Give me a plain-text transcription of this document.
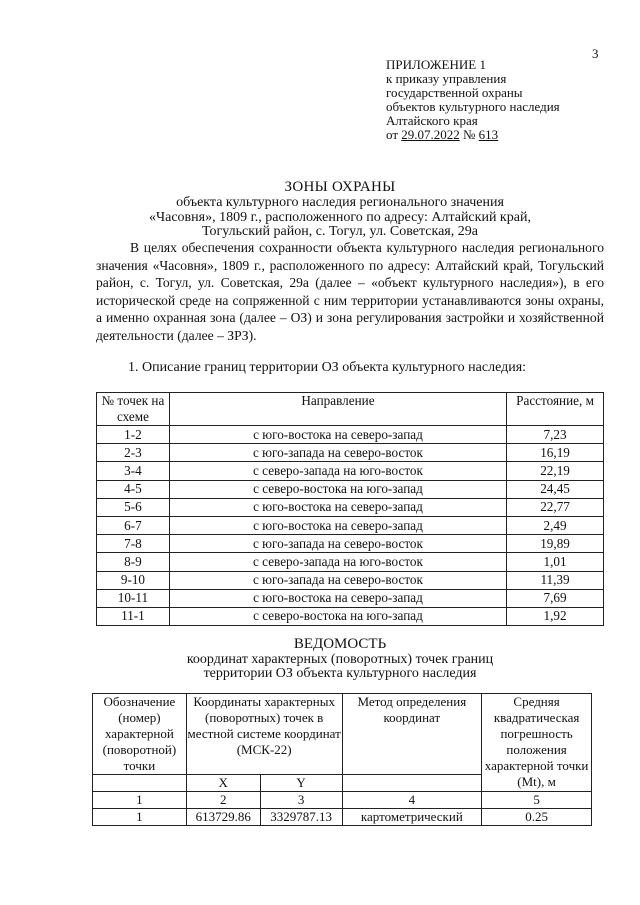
3
ПРИЛОЖЕНИЕ 1
к приказу управления
государственной охраны
объектов культурного наследия
Алтайского края
от 29.07.2022 № 613
ЗОНЫ ОХРАНЫ
объекта культурного наследия регионального значения
«Часовня», 1809 г., расположенного по адресу: Алтайский край,
Тогульский район, с. Тогул, ул. Советская, 29а

В целях обеспечения сохранности объекта культурного наследия регионального значения «Часовня», 1809 г., расположенного по адресу: Алтайский край, Тогульский район, с. Тогул, ул. Советская, 29а (далее – «объект культурного наследия»), в его исторической среде на сопряженной с ним территории устанавливаются зоны охраны, а именно охранная зона (далее – ОЗ) и зона регулирования застройки и хозяйственной деятельности (далее – ЗРЗ).

1. Описание границ территории ОЗ объекта культурного наследия:
№ точек на схеме	Направление	Расстояние, м
1-2	с юго-востока на северо-запад	7,23
2-3	с юго-запада на северо-восток	16,19
3-4	с северо-запада на юго-восток	22,19
4-5	с северо-востока на юго-запад	24,45
5-6	с юго-востока на северо-запад	22,77
6-7	с юго-востока на северо-запад	2,49
7-8	с юго-запада на северо-восток	19,89
8-9	с северо-запада на юго-восток	1,01
9-10	с юго-запада на северо-восток	11,39
10-11	с юго-востока на северо-запад	7,69
11-1	с северо-востока на юго-запад	1,92
ВЕДОМОСТЬ
координат характерных (поворотных) точек границ
территории ОЗ объекта культурного наследия
Обозначение (номер) характерной (поворотной) точки	Координаты характерных (поворотных) точек в местной системе координат (МСК-22)		Метод определения координат	Средняя квадратическая погрешность положения характерной точки (Mt), м

	X	Y		
1	2	3	4	5
1	613729.86	3329787.13	картометрический	0.25
